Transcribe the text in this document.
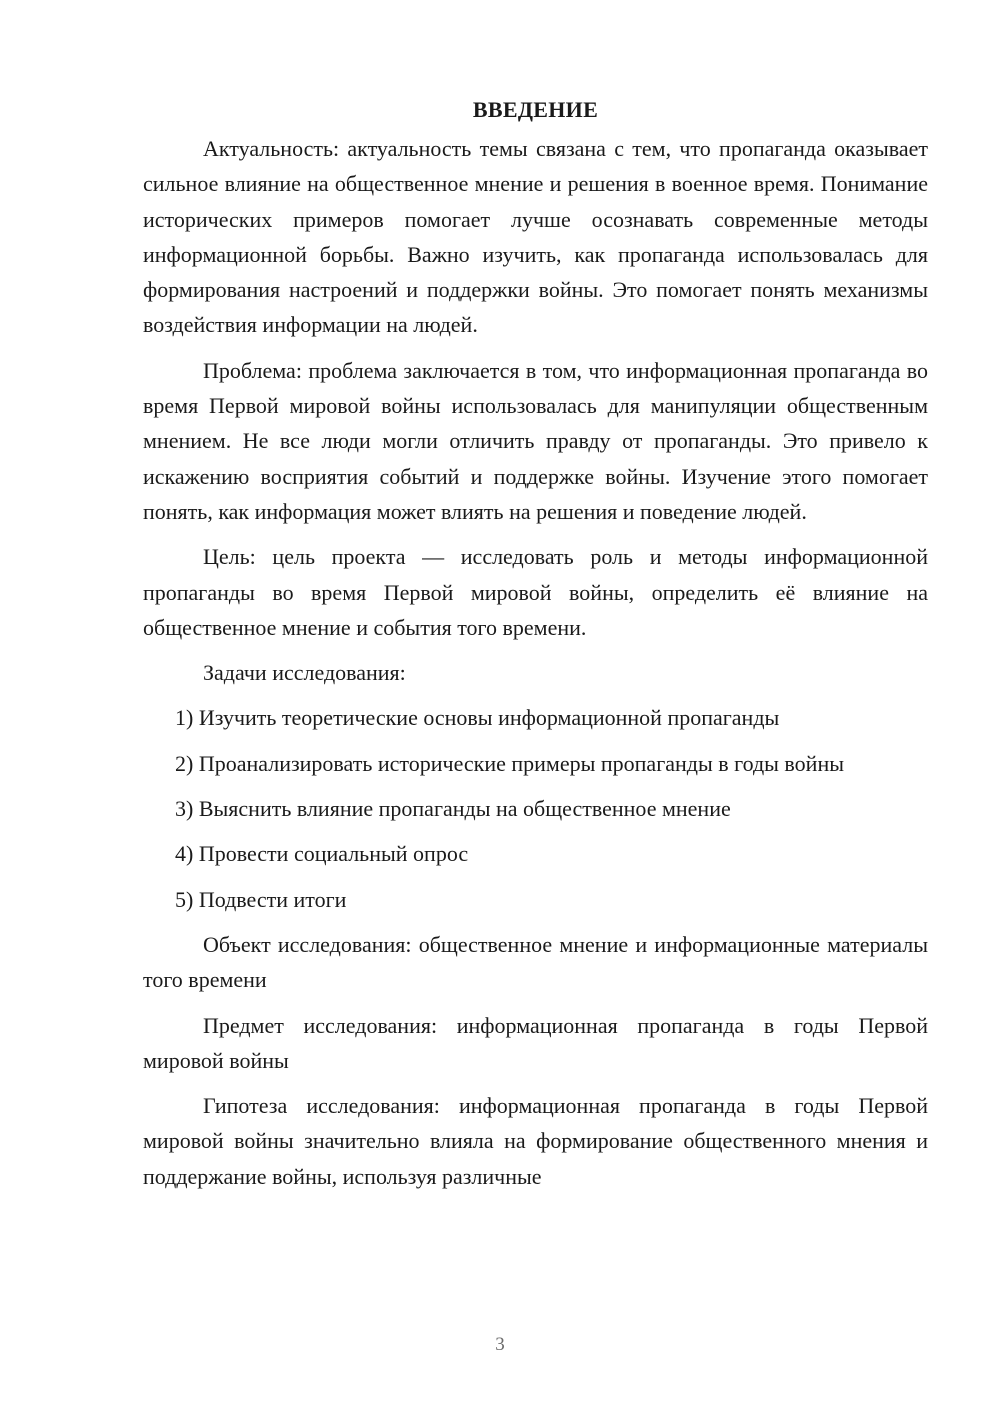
ВВЕДЕНИЕ

Актуальность: актуальность темы связана с тем, что пропаганда оказывает сильное влияние на общественное мнение и решения в военное время. Понимание исторических примеров помогает лучше осознавать современные методы информационной борьбы. Важно изучить, как пропаганда использовалась для формирования настроений и поддержки войны. Это помогает понять механизмы воздействия информации на людей.

Проблема: проблема заключается в том, что информационная пропаганда во время Первой мировой войны использовалась для манипуляции общественным мнением. Не все люди могли отличить правду от пропаганды. Это привело к искажению восприятия событий и поддержке войны. Изучение этого помогает понять, как информация может влиять на решения и поведение людей.

Цель: цель проекта — исследовать роль и методы информационной пропаганды во время Первой мировой войны, определить её влияние на общественное мнение и события того времени.

Задачи исследования:

1) Изучить теоретические основы информационной пропаганды

2) Проанализировать исторические примеры пропаганды в годы войны

3) Выяснить влияние пропаганды на общественное мнение

4) Провести социальный опрос

5) Подвести итоги

Объект исследования: общественное мнение и информационные материалы того времени

Предмет исследования: информационная пропаганда в годы Первой мировой войны

Гипотеза исследования: информационная пропаганда в годы Первой мировой войны значительно влияла на формирование общественного мнения и поддержание войны, используя различные

3
